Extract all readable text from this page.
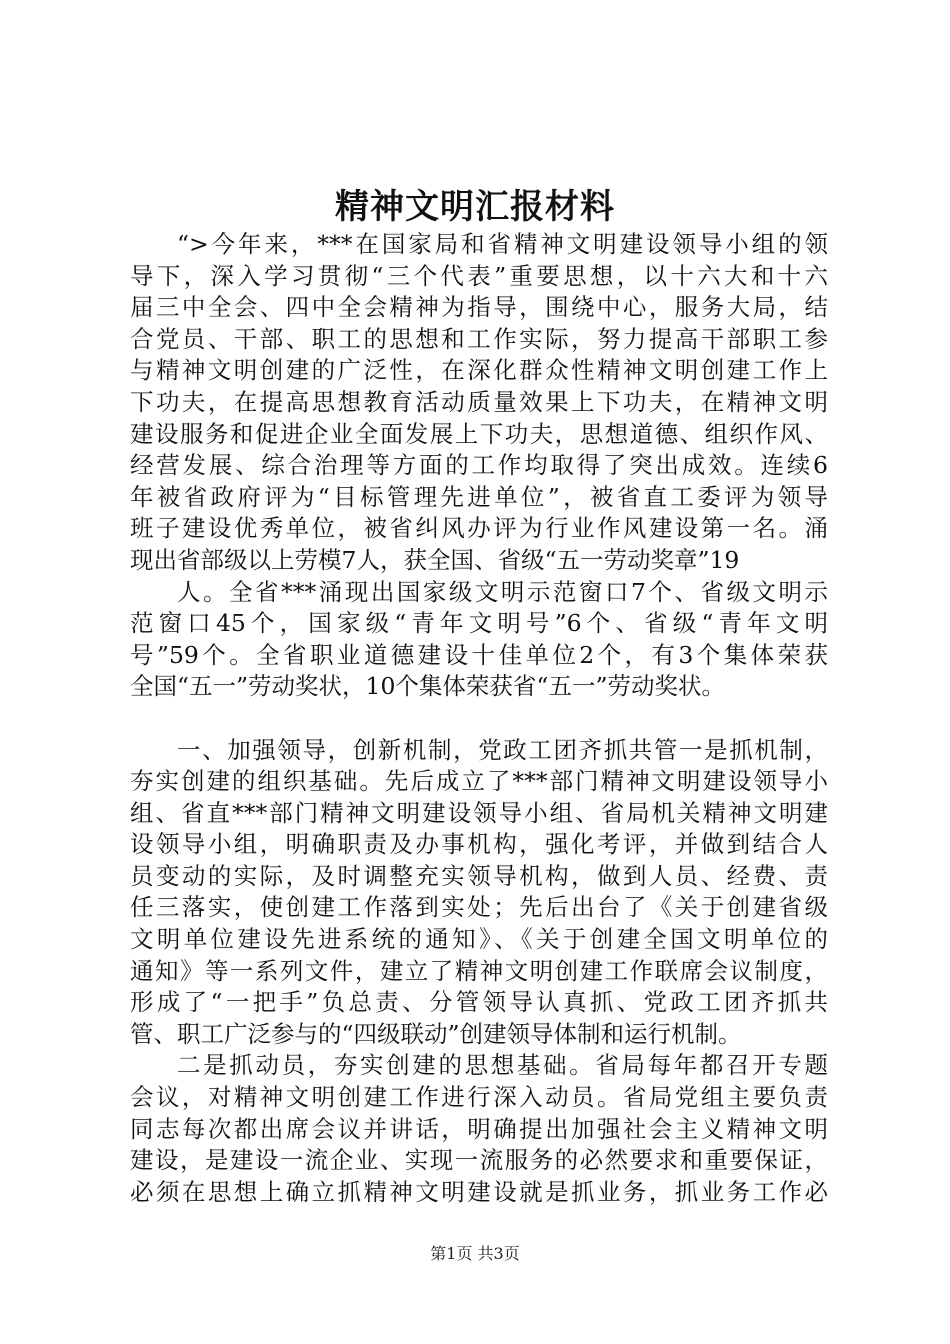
精神文明汇报材料
“>今年来，***在国家局和省精神文明建设领导小组的领
导下，深入学习贯彻“三个代表”重要思想，以十六大和十六
届三中全会、四中全会精神为指导，围绕中心，服务大局，结
合党员、干部、职工的思想和工作实际，努力提高干部职工参
与精神文明创建的广泛性，在深化群众性精神文明创建工作上
下功夫，在提高思想教育活动质量效果上下功夫，在精神文明
建设服务和促进企业全面发展上下功夫，思想道德、组织作风、
经营发展、综合治理等方面的工作均取得了突出成效。连续6
年被省政府评为“目标管理先进单位”，被省直工委评为领导
班子建设优秀单位，被省纠风办评为行业作风建设第一名。涌
现出省部级以上劳模7人，获全国、省级“五一劳动奖章”19
人。全省***涌现出国家级文明示范窗口7个、省级文明示
范窗口45个，国家级“青年文明号”6个、省级“青年文明
号”59个。全省职业道德建设十佳单位2个，有3个集体荣获
全国“五一”劳动奖状，10个集体荣获省“五一”劳动奖状。
一、加强领导，创新机制，党政工团齐抓共管一是抓机制，
夯实创建的组织基础。先后成立了***部门精神文明建设领导小
组、省直***部门精神文明建设领导小组、省局机关精神文明建
设领导小组，明确职责及办事机构，强化考评，并做到结合人
员变动的实际，及时调整充实领导机构，做到人员、经费、责
任三落实，使创建工作落到实处；先后出台了《关于创建省级
文明单位建设先进系统的通知》、《关于创建全国文明单位的
通知》等一系列文件，建立了精神文明创建工作联席会议制度，
形成了“一把手”负总责、分管领导认真抓、党政工团齐抓共
管、职工广泛参与的“四级联动”创建领导体制和运行机制。
二是抓动员，夯实创建的思想基础。省局每年都召开专题
会议，对精神文明创建工作进行深入动员。省局党组主要负责
同志每次都出席会议并讲话，明确提出加强社会主义精神文明
建设，是建设一流企业、实现一流服务的必然要求和重要保证，
必须在思想上确立抓精神文明建设就是抓业务，抓业务工作必
第1页 共3页
